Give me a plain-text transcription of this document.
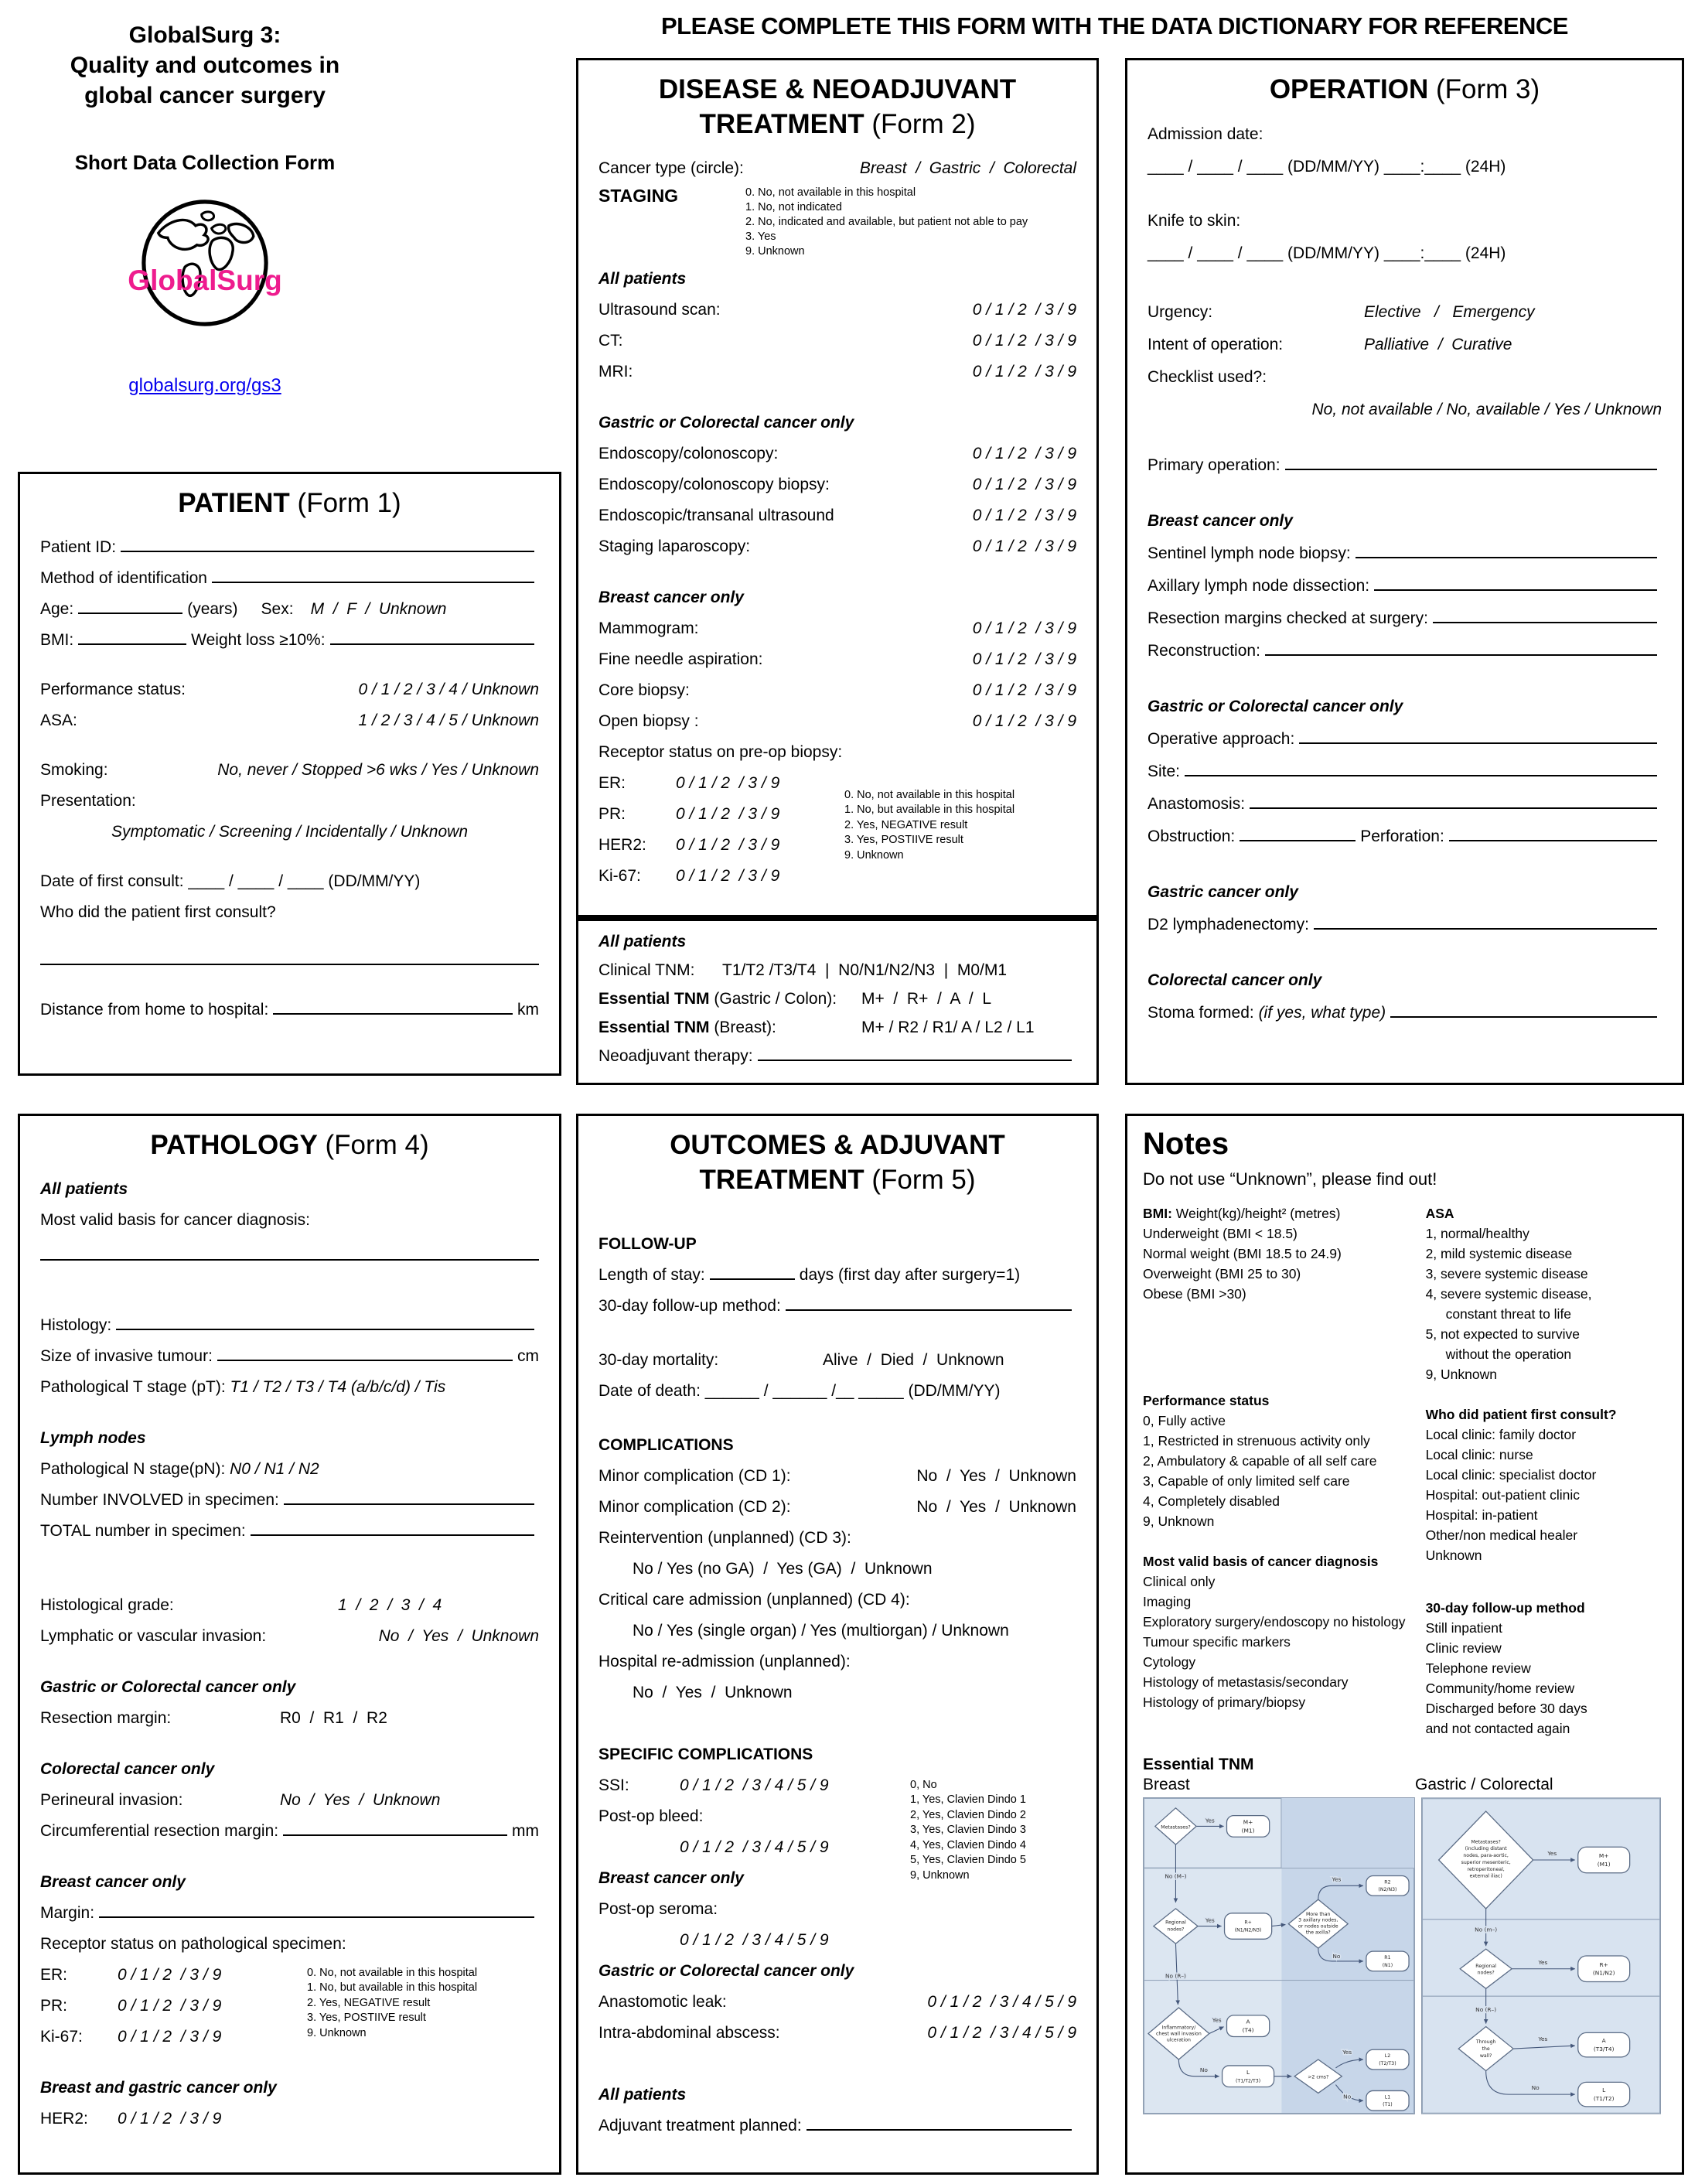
PLEASE COMPLETE THIS FORM WITH THE DATA DICTIONARY FOR REFERENCE
GlobalSurg 3:
Quality and outcomes in
global cancer surgery
Short Data Collection Form
GlobalSurg
globalsurg.org/gs3
PATIENT (Form 1)
Patient ID:
Method of identification
Age:	(years) Sex: M  /  F  /  Unknown
BMI:	Weight loss ≥10%:
Performance status:	0 / 1 / 2 / 3 / 4 / Unknown
ASA:	1 / 2 / 3 / 4 / 5 / Unknown
Smoking:	No, never / Stopped >6 wks / Yes / Unknown
Presentation:
Symptomatic / Screening / Incidentally / Unknown
Date of first consult:
____ / ____ / ____ (DD/MM/YY)
Who did the patient first consult?
Distance from home to hospital:	km
DISEASE & NEOADJUVANT
TREATMENT (Form 2)
Cancer type (circle):	Breast  /  Gastric  /  Colorectal
STAGING	0. No, not available in this hospital
1. No, not indicated
2. No, indicated and available, but patient not able to pay
3. Yes
9. Unknown
All patients
Ultrasound scan:	0 / 1 / 2  / 3 / 9
CT:	0 / 1 / 2  / 3 / 9
MRI:	0 / 1 / 2  / 3 / 9
Gastric or Colorectal cancer only
Endoscopy/colonoscopy:	0 / 1 / 2  / 3 / 9
Endoscopy/colonoscopy biopsy:	0 / 1 / 2  / 3 / 9
Endoscopic/transanal ultrasound	0 / 1 / 2  / 3 / 9
Staging laparoscopy:	0 / 1 / 2  / 3 / 9
Breast cancer only
Mammogram:	0 / 1 / 2  / 3 / 9
Fine needle aspiration:	0 / 1 / 2  / 3 / 9
Core biopsy:	0 / 1 / 2  / 3 / 9
Open biopsy :	0 / 1 / 2  / 3 / 9
Receptor status on pre-op biopsy:
ER:	0 / 1 / 2  / 3 / 9
PR:	0 / 1 / 2  / 3 / 9
HER2:	0 / 1 / 2  / 3 / 9
Ki-67:	0 / 1 / 2  / 3 / 9
0. No, not available in this hospital
1. No, but available in this hospital
2. Yes, NEGATIVE result
3. Yes, POSTIIVE result
9. Unknown
All patients
Clinical TNM:	T1/T2 /T3/T4  |  N0/N1/N2/N3  |  M0/M1
Essential TNM (Gastric / Colon):	M+  /  R+  /  A  /  L
Essential TNM (Breast):	M+ / R2 / R1/ A / L2 / L1
Neoadjuvant therapy:
OPERATION (Form 3)
Admission date:
____ / ____ / ____ (DD/MM/YY) ____:____ (24H)
Knife to skin:
____ / ____ / ____ (DD/MM/YY) ____:____ (24H)
Urgency:	Elective   /   Emergency
Intent of operation:	Palliative  /  Curative
Checklist used?:
No, not available / No, available / Yes / Unknown
Primary operation:
Breast cancer only
Sentinel lymph node biopsy:
Axillary lymph node dissection:
Resection margins checked at surgery:
Reconstruction:
Gastric or Colorectal cancer only
Operative approach:
Site:
Anastomosis:
Obstruction:	Perforation:
Gastric cancer only
D2 lymphadenectomy:
Colorectal cancer only
Stoma formed: (if yes, what type)
PATHOLOGY (Form 4)
All patients
Most valid basis for cancer diagnosis:
Histology:
Size of invasive tumour:	cm
Pathological T stage (pT): T1 / T2 / T3 / T4 (a/b/c/d) / Tis
Lymph nodes
Pathological N stage(pN): N0 / N1 / N2
Number INVOLVED in specimen:
TOTAL number in specimen:
Histological grade:	1  /  2  /  3  /  4
Lymphatic or vascular invasion:	No  /  Yes  /  Unknown
Gastric or Colorectal cancer only
Resection margin:	R0  /  R1  /  R2
Colorectal cancer only
Perineural invasion:	No  /  Yes  /  Unknown
Circumferential resection margin:	mm
Breast cancer only
Margin:
Receptor status on pathological specimen:
ER:	0 / 1 / 2  / 3 / 9
PR:	0 / 1 / 2  / 3 / 9
Ki-67:	0 / 1 / 2  / 3 / 9
0. No, not available in this hospital
1. No, but available in this hospital
2. Yes, NEGATIVE result
3. Yes, POSTIIVE result
9. Unknown
Breast and gastric cancer only
HER2:	0 / 1 / 2  / 3 / 9
OUTCOMES & ADJUVANT
TREATMENT (Form 5)
FOLLOW-UP
Length of stay:	days (first day after surgery=1)
30-day follow-up method:
30-day mortality:	Alive  /  Died  /  Unknown
Date of death:
______ / ______ /__ _____ (DD/MM/YY)
COMPLICATIONS
Minor complication (CD 1):	No  /  Yes  /  Unknown
Minor complication (CD 2):	No  /  Yes  /  Unknown
Reintervention (unplanned) (CD 3):
No / Yes (no GA)  /  Yes (GA)  /  Unknown
Critical care admission (unplanned) (CD 4):
No / Yes (single organ) / Yes (multiorgan) / Unknown
Hospital re-admission (unplanned):
No  /  Yes  /  Unknown
SPECIFIC COMPLICATIONS
SSI:	0 / 1 / 2  / 3 / 4 / 5 / 9
Post-op bleed:
0 / 1 / 2  / 3 / 4 / 5 / 9
Breast cancer only
Post-op seroma:
0 / 1 / 2  / 3 / 4 / 5 / 9
0, No
1, Yes, Clavien Dindo 1
2, Yes, Clavien Dindo 2
3, Yes, Clavien Dindo 3
4, Yes, Clavien Dindo 4
5, Yes, Clavien Dindo 5
9, Unknown
Gastric or Colorectal cancer only
Anastomotic leak:	0 / 1 / 2  / 3 / 4 / 5 / 9
Intra-abdominal abscess:	0 / 1 / 2  / 3 / 4 / 5 / 9
All patients
Adjuvant treatment planned:
Notes
Do not use “Unknown”, please find out!
BMI: Weight(kg)/height² (metres)
Underweight (BMI < 18.5)
Normal weight (BMI 18.5 to 24.9)
Overweight (BMI 25 to 30)
Obese (BMI >30)
Performance status
0, Fully active
1, Restricted in strenuous activity only
2, Ambulatory & capable of all self care
3, Capable of only limited self care
4, Completely disabled
9, Unknown
Most valid basis of cancer diagnosis
Clinical only
Imaging
Exploratory surgery/endoscopy no histology
Tumour specific markers
Cytology
Histology of metastasis/secondary
Histology of primary/biopsy
ASA
1, normal/healthy
2, mild systemic disease
3, severe systemic disease
4, severe systemic disease,
constant threat to life
5, not expected to survive
without the operation
9, Unknown
Who did patient first consult?
Local clinic: family doctor
Local clinic: nurse
Local clinic: specialist doctor
Hospital: out-patient clinic
Hospital: in-patient
Other/non medical healer
Unknown
30-day follow-up method
Still inpatient
Clinic review
Telephone review
Community/home review
Discharged before 30 days
and not contacted again
Essential TNM
Breast	Gastric / Colorectal
Metastases?
M+
(M1)
Yes
No (M–)
Regional
nodes?
R+
(N1/N2/N3)
Yes
More than
3 axillary nodes,
or nodes outside
the axilla?
R2
(N2/N3)
Yes
R1
(N1)
No
No (R–)
Inflammatory/
chest wall invasion
ulceration
A
(T4)
Yes
L
(T1/T2/T3)
No
>2 cms?
L2
(T2/T3)
Yes
L1
(T1)
No
Metastases?
(including distant
nodes, para-aortic,
superior mesenteric,
retroperitoneal,
external iliac)
M+
(M1)
Yes
No (m–)
Regional
nodes?
R+
(N1/N2)
Yes
No (R–)
Through
the
wall?
A
(T3/T4)
Yes
L
(T1/T2)
No
